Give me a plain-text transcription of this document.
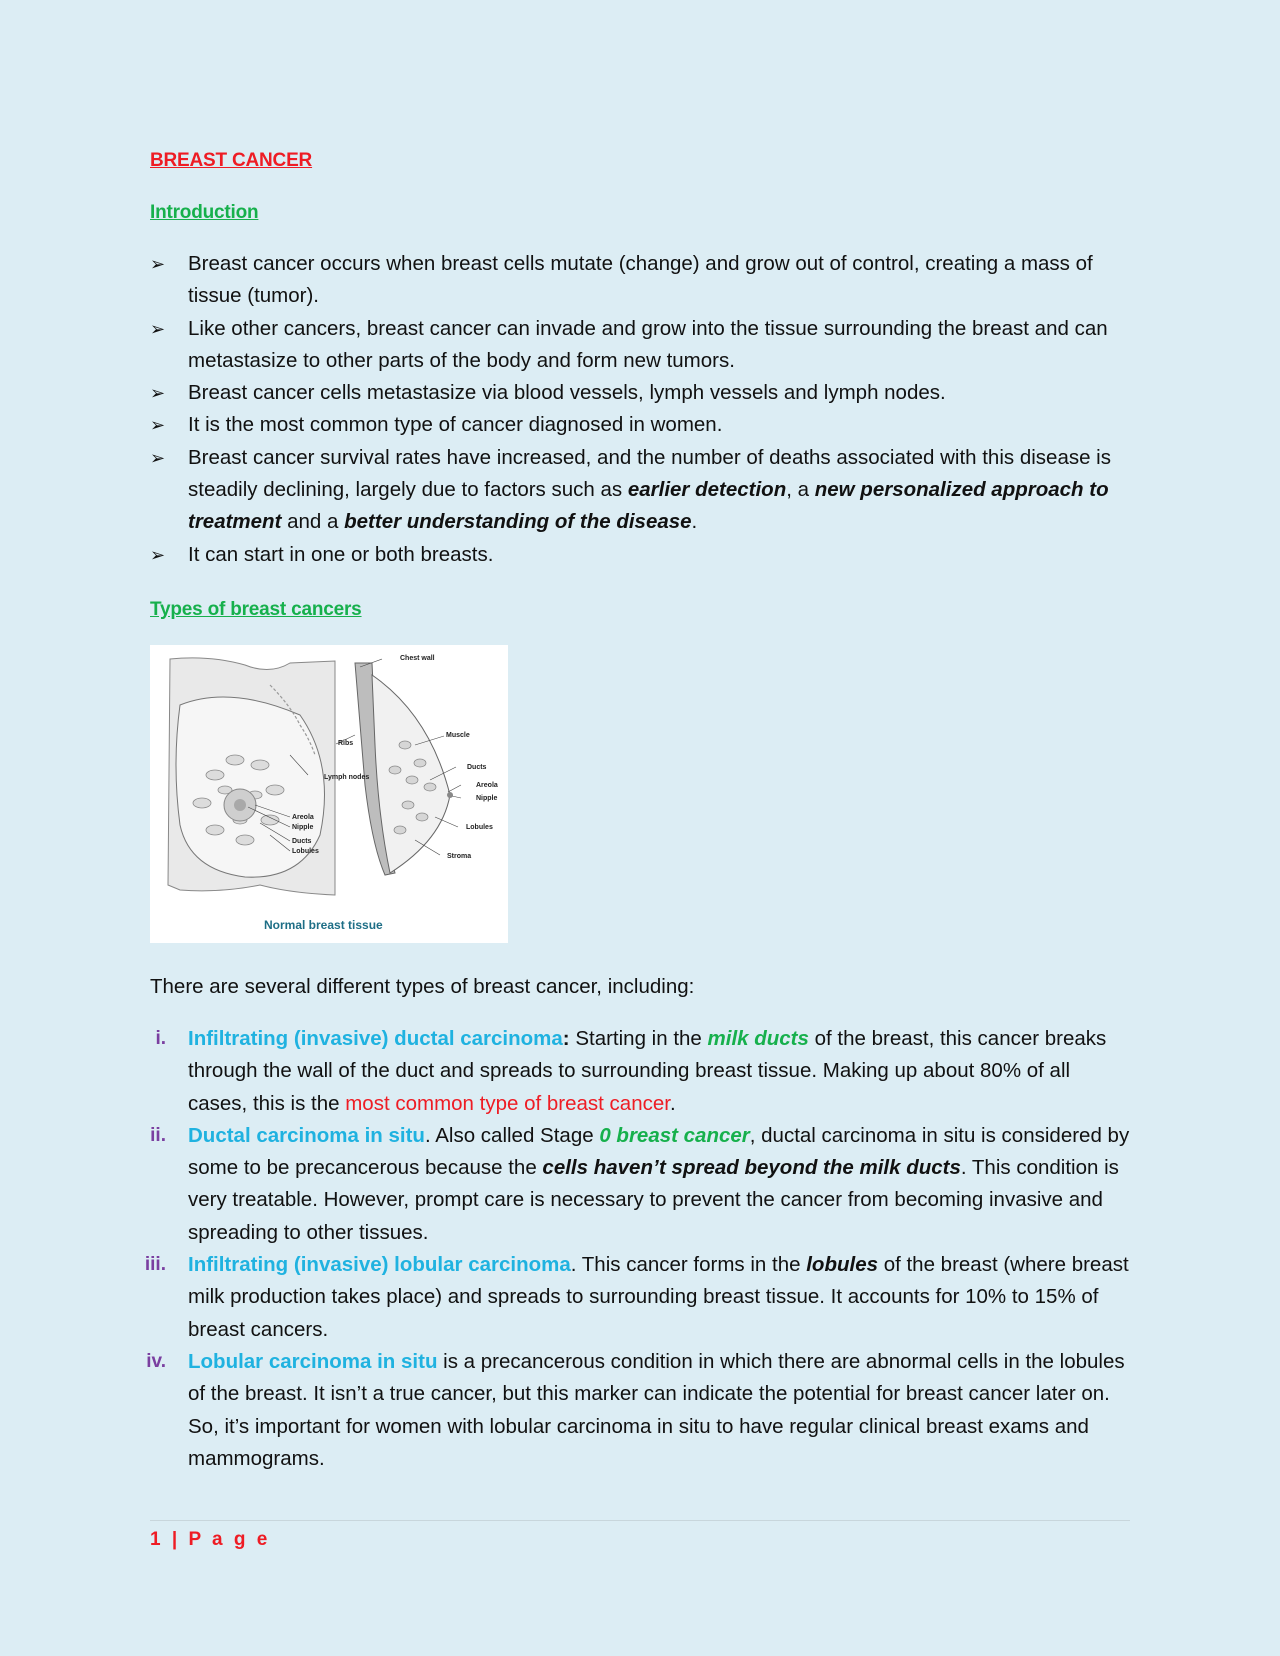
BREAST CANCER
Introduction
➢ Breast cancer occurs when breast cells mutate (change) and grow out of control, creating a mass of tissue (tumor).
➢ Like other cancers, breast cancer can invade and grow into the tissue surrounding the breast and can metastasize to other parts of the body and form new tumors.
➢ Breast cancer cells metastasize via blood vessels, lymph vessels and lymph nodes.
➢ It is the most common type of cancer diagnosed in women.
➢ Breast cancer survival rates have increased, and the number of deaths associated with this disease is steadily declining, largely due to factors such as earlier detection, a new personalized approach to treatment and a better understanding of the disease.
➢ It can start in one or both breasts.
Types of breast cancers
Chest wall
Ribs
Muscle
Lymph nodes
Ducts
Areola
Nipple
Lobules
Stroma
Areola
Nipple
Ducts
Lobules
Normal breast tissue
There are several different types of breast cancer, including:
i. Infiltrating (invasive) ductal carcinoma: Starting in the milk ducts of the breast, this cancer breaks through the wall of the duct and spreads to surrounding breast tissue. Making up about 80% of all cases, this is the most common type of breast cancer.
ii. Ductal carcinoma in situ. Also called Stage 0 breast cancer, ductal carcinoma in situ is considered by some to be precancerous because the cells haven’t spread beyond the milk ducts. This condition is very treatable. However, prompt care is necessary to prevent the cancer from becoming invasive and spreading to other tissues.
iii. Infiltrating (invasive) lobular carcinoma. This cancer forms in the lobules of the breast (where breast milk production takes place) and spreads to surrounding breast tissue. It accounts for 10% to 15% of breast cancers.
iv. Lobular carcinoma in situ is a precancerous condition in which there are abnormal cells in the lobules of the breast. It isn’t a true cancer, but this marker can indicate the potential for breast cancer later on. So, it’s important for women with lobular carcinoma in situ to have regular clinical breast exams and mammograms.
1 | P a g e
